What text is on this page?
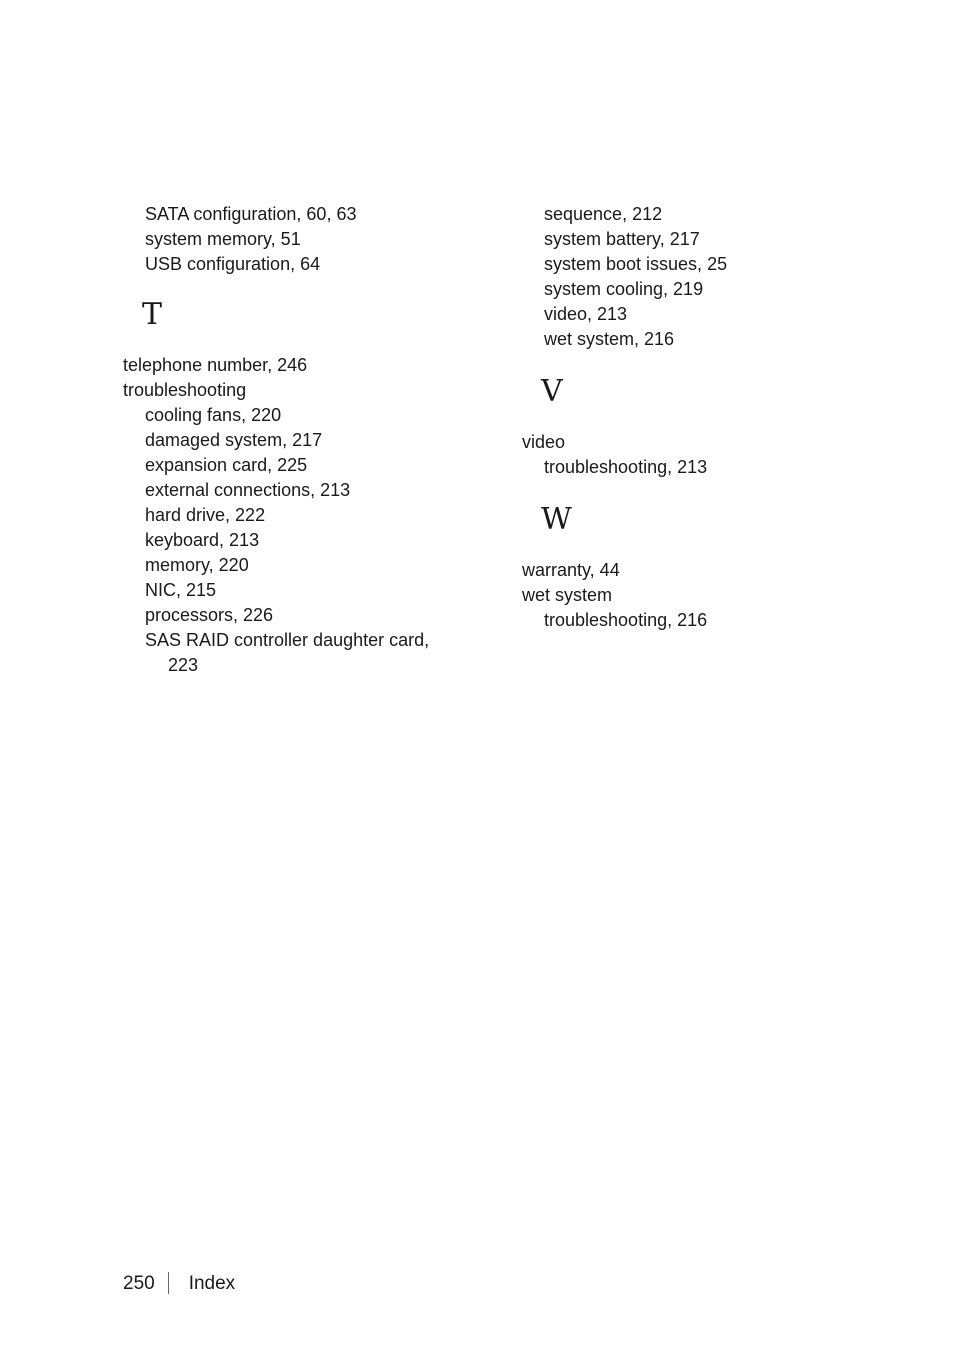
SATA configuration, 60, 63
system memory, 51
USB configuration, 64
T
telephone number, 246
troubleshooting
cooling fans, 220
damaged system, 217
expansion card, 225
external connections, 213
hard drive, 222
keyboard, 213
memory, 220
NIC, 215
processors, 226
SAS RAID controller daughter card,
223
sequence, 212
system battery, 217
system boot issues, 25
system cooling, 219
video, 213
wet system, 216
V
video
troubleshooting, 213
W
warranty, 44
wet system
troubleshooting, 216
250 Index
